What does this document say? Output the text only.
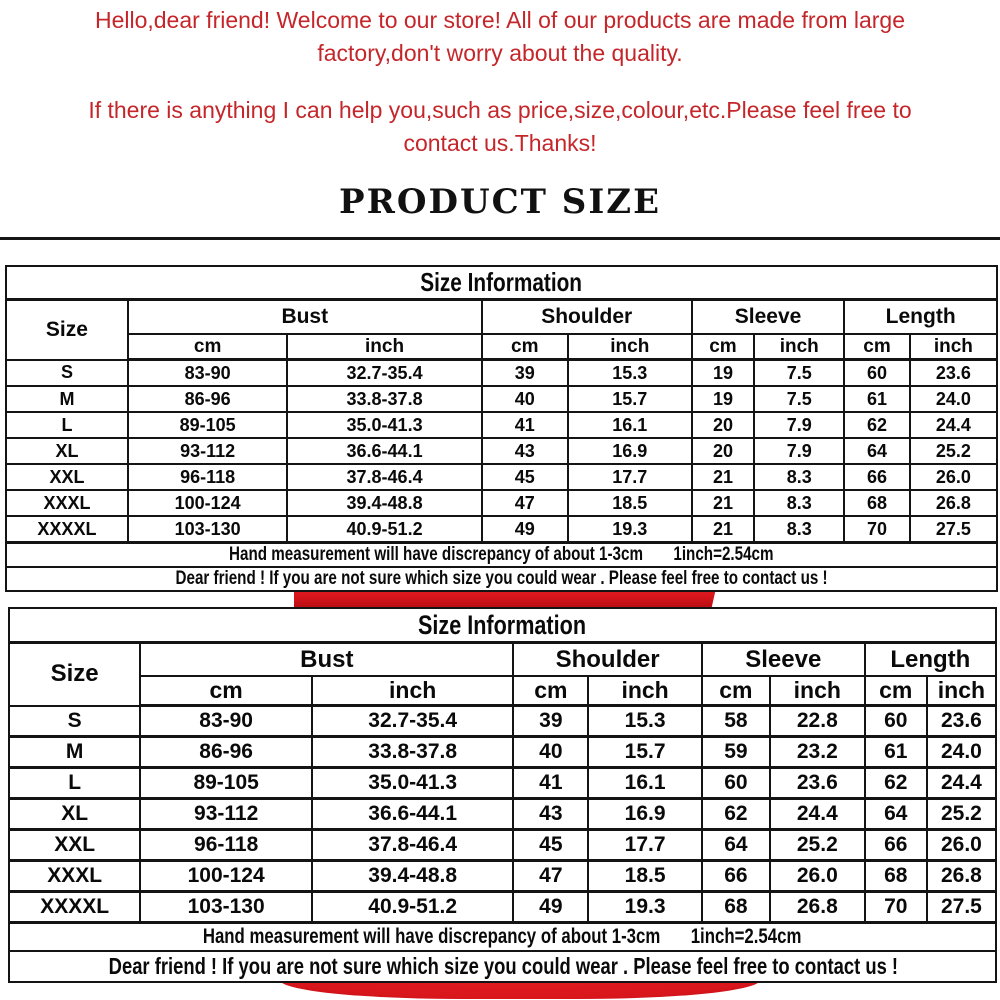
Hello,dear friend! Welcome to our store! All of our products are made from large
factory,don't worry about the quality.
If there is anything I can help you,such as price,size,colour,etc.Please feel free to
contact us.Thanks!
PRODUCT SIZE
Size Information								
Size	Bust		Shoulder		Sleeve		Length	
	cm	inch	cm	inch	cm	inch	cm	inch
S	83-90	32.7-35.4	39	15.3	19	7.5	60	23.6
M	86-96	33.8-37.8	40	15.7	19	7.5	61	24.0
L	89-105	35.0-41.3	41	16.1	20	7.9	62	24.4
XL	93-112	36.6-44.1	43	16.9	20	7.9	64	25.2
XXL	96-118	37.8-46.4	45	17.7	21	8.3	66	26.0
XXXL	100-124	39.4-48.8	47	18.5	21	8.3	68	26.8
XXXXL	103-130	40.9-51.2	49	19.3	21	8.3	70	27.5
Hand measurement will have discrepancy of about 1-3cm 1inch=2.54cm								
Dear friend ! If you are not sure which size you could wear . Please feel free to contact us !								
Size Information								
Size	Bust		Shoulder		Sleeve		Length	
	cm	inch	cm	inch	cm	inch	cm	inch
S	83-90	32.7-35.4	39	15.3	58	22.8	60	23.6
M	86-96	33.8-37.8	40	15.7	59	23.2	61	24.0
L	89-105	35.0-41.3	41	16.1	60	23.6	62	24.4
XL	93-112	36.6-44.1	43	16.9	62	24.4	64	25.2
XXL	96-118	37.8-46.4	45	17.7	64	25.2	66	26.0
XXXL	100-124	39.4-48.8	47	18.5	66	26.0	68	26.8
XXXXL	103-130	40.9-51.2	49	19.3	68	26.8	70	27.5
Hand measurement will have discrepancy of about 1-3cm 1inch=2.54cm								
Dear friend ! If you are not sure which size you could wear . Please feel free to contact us !								
